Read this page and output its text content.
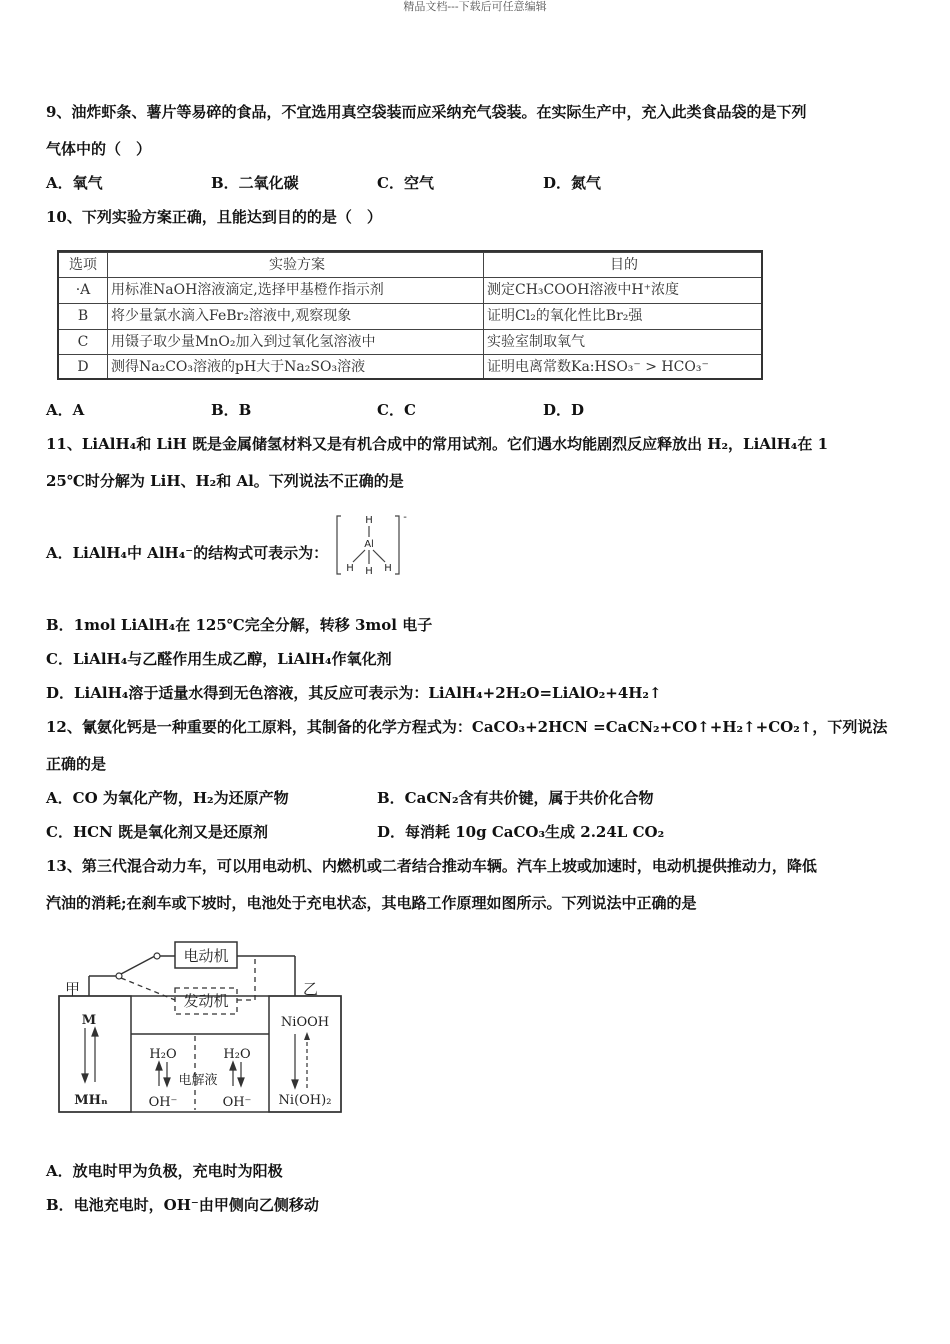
精品文档---下载后可任意编辑
9、油炸虾条、薯片等易碎的食品，不宜选用真空袋装而应采纳充气袋装。在实际生产中，充入此类食品袋的是下列
气体中的（　）
A．氧气	B．二氧化碳	C．空气	D．氮气
10、下列实验方案正确，且能达到目的的是（　）
选项	实验方案	目的
·A	用标准NaOH溶液滴定,选择甲基橙作指示剂	测定CH₃COOH溶液中H⁺浓度
B	将少量氯水滴入FeBr₂溶液中,观察现象	证明Cl₂的氧化性比Br₂强
C	用镊子取少量MnO₂加入到过氧化氢溶液中	实验室制取氧气
D	测得Na₂CO₃溶液的pH大于Na₂SO₃溶液	证明电离常数Ka:HSO₃⁻ > HCO₃⁻
A．A	B．B	C．C	D．D
11、LiAlH₄和 LiH 既是金属储氢材料又是有机合成中的常用试剂。它们遇水均能剧烈反应释放出 H₂，LiAlH₄在 1
25℃时分解为 LiH、H₂和 Al。下列说法不正确的是
A．LiAlH₄中 AlH₄⁻的结构式可表示为：
H
Al
H H H
-
B．1mol LiAlH₄在 125℃完全分解，转移 3mol 电子
C．LiAlH₄与乙醛作用生成乙醇，LiAlH₄作氧化剂
D．LiAlH₄溶于适量水得到无色溶液，其反应可表示为：LiAlH₄+2H₂O=LiAlO₂+4H₂↑
12、氰氨化钙是一种重要的化工原料，其制备的化学方程式为：CaCO₃+2HCN =CaCN₂+CO↑+H₂↑+CO₂↑，下列说法
正确的是
A．CO 为氧化产物，H₂为还原产物	B．CaCN₂含有共价键，属于共价化合物
C．HCN 既是氧化剂又是还原剂	D．每消耗 10g CaCO₃生成 2.24L CO₂
13、第三代混合动力车，可以用电动机、内燃机或二者结合推动车辆。汽车上坡或加速时，电动机提供推动力，降低
汽油的消耗;在刹车或下坡时，电池处于充电状态，其电路工作原理如图所示。下列说法中正确的是
电动机
发动机
甲	乙
M
MHₙ
NiOOH
Ni(OH)₂
H₂O	H₂O
OH⁻	OH⁻
电解液
A．放电时甲为负极，充电时为阳极
B．电池充电时，OH⁻由甲侧向乙侧移动
